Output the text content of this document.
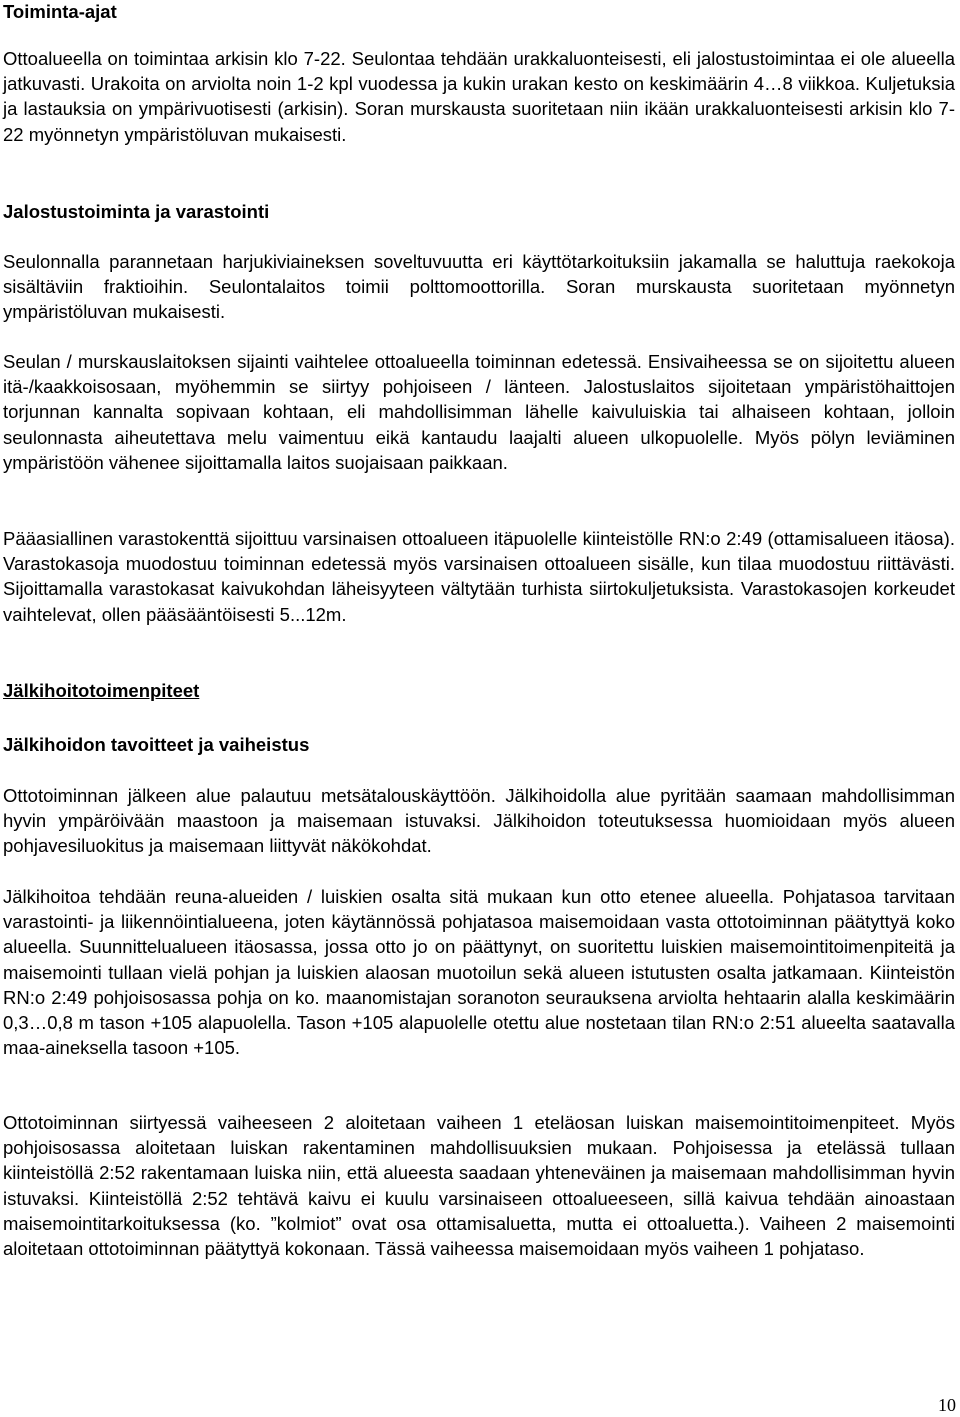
Toiminta-ajat

Ottoalueella on toimintaa arkisin klo 7-22. Seulontaa tehdään urakkaluonteisesti, eli jalostustoimintaa ei ole alueella jatkuvasti. Urakoita on arviolta noin 1-2 kpl vuodessa ja kukin urakan kesto on keskimäärin 4…8 viikkoa. Kuljetuksia ja lastauksia on ympärivuotisesti (arkisin). Soran murskausta suoritetaan niin ikään urakkaluonteisesti arkisin klo 7-22 myönnetyn ympäristöluvan mukaisesti.

Jalostustoiminta ja varastointi

Seulonnalla parannetaan harjukiviaineksen soveltuvuutta eri käyttötarkoituksiin jakamalla se haluttuja raekokoja sisältäviin fraktioihin. Seulontalaitos toimii polttomoottorilla. Soran murskausta suoritetaan myönnetyn ympäristöluvan mukaisesti.

Seulan / murskauslaitoksen sijainti vaihtelee ottoalueella toiminnan edetessä. Ensivaiheessa se on sijoitettu alueen itä-/kaakkoisosaan, myöhemmin se siirtyy pohjoiseen / länteen. Jalostuslaitos sijoitetaan ympäristöhaittojen torjunnan kannalta sopivaan kohtaan, eli mahdollisimman lähelle kaivuluiskia tai alhaiseen kohtaan, jolloin seulonnasta aiheutettava melu vaimentuu eikä kantaudu laajalti alueen ulkopuolelle. Myös pölyn leviäminen ympäristöön vähenee sijoittamalla laitos suojaisaan paikkaan.

Pääasiallinen varastokenttä sijoittuu varsinaisen ottoalueen itäpuolelle kiinteistölle RN:o 2:49 (ottamisalueen itäosa). Varastokasoja muodostuu toiminnan edetessä myös varsinaisen ottoalueen sisälle, kun tilaa muodostuu riittävästi. Sijoittamalla varastokasat kaivukohdan läheisyyteen vältytään turhista siirtokuljetuksista. Varastokasojen korkeudet vaihtelevat, ollen pääsääntöisesti 5...12m.

Jälkihoitotoimenpiteet
Jälkihoidon tavoitteet ja vaiheistus

Ottotoiminnan jälkeen alue palautuu metsätalouskäyttöön. Jälkihoidolla alue pyritään saamaan mahdollisimman hyvin ympäröivään maastoon ja maisemaan istuvaksi. Jälkihoidon toteutuksessa huomioidaan myös alueen pohjavesiluokitus ja maisemaan liittyvät näkökohdat.

Jälkihoitoa tehdään reuna-alueiden / luiskien osalta sitä mukaan kun otto etenee alueella. Pohjatasoa tarvitaan varastointi- ja liikennöintialueena, joten käytännössä pohjatasoa maisemoidaan vasta ottotoiminnan päätyttyä koko alueella. Suunnittelualueen itäosassa, jossa otto jo on päättynyt, on suoritettu luiskien maisemointitoimenpiteitä ja maisemointi tullaan vielä pohjan ja luiskien alaosan muotoilun sekä alueen istutusten osalta jatkamaan. Kiinteistön RN:o 2:49 pohjoisosassa pohja on ko. maanomistajan soranoton seurauksena arviolta hehtaarin alalla keskimäärin 0,3…0,8 m tason +105 alapuolella. Tason +105 alapuolelle otettu alue nostetaan tilan RN:o 2:51 alueelta saatavalla maa-aineksella tasoon +105.

Ottotoiminnan siirtyessä vaiheeseen 2 aloitetaan vaiheen 1 eteläosan luiskan maisemointitoimenpiteet. Myös pohjoisosassa aloitetaan luiskan rakentaminen mahdollisuuksien mukaan. Pohjoisessa ja etelässä tullaan kiinteistöllä 2:52 rakentamaan luiska niin, että alueesta saadaan yhteneväinen ja maisemaan mahdollisimman hyvin istuvaksi. Kiinteistöllä 2:52 tehtävä kaivu ei kuulu varsinaiseen ottoalueeseen, sillä kaivua tehdään ainoastaan maisemointitarkoituksessa (ko. ”kolmiot” ovat osa ottamisaluetta, mutta ei ottoaluetta.). Vaiheen 2 maisemointi aloitetaan ottotoiminnan päätyttyä kokonaan. Tässä vaiheessa maisemoidaan myös vaiheen 1 pohjataso.

10
